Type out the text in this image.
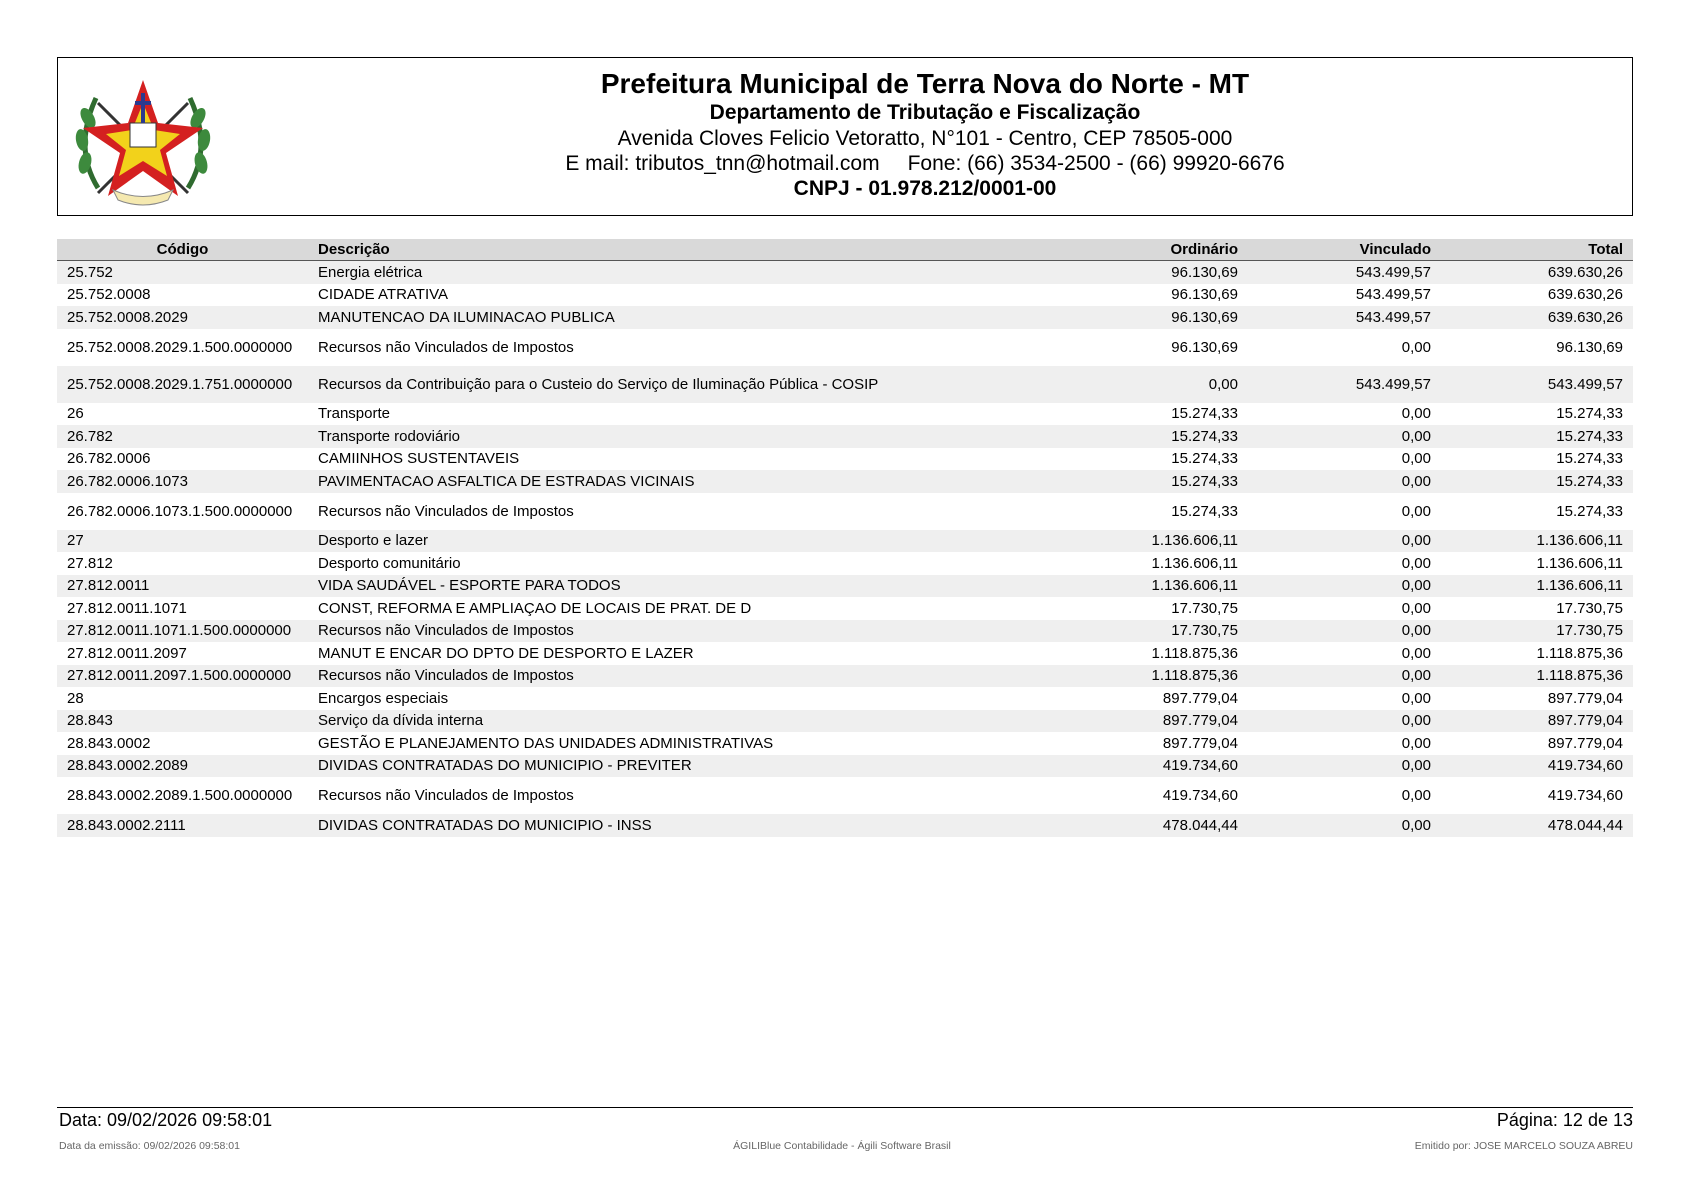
Prefeitura Municipal de Terra Nova do Norte - MT
Departamento de Tributação e Fiscalização
Avenida Cloves Felicio Vetoratto, N°101 - Centro, CEP 78505-000
E mail: tributos_tnn@hotmail.com Fone: (66) 3534-2500 - (66) 99920-6676
CNPJ - 01.978.212/0001-00
Código	Descrição	Ordinário	Vinculado	Total
25.752	Energia elétrica	96.130,69	543.499,57	639.630,26
25.752.0008	CIDADE ATRATIVA	96.130,69	543.499,57	639.630,26
25.752.0008.2029	MANUTENCAO DA ILUMINACAO PUBLICA	96.130,69	543.499,57	639.630,26
25.752.0008.2029.1.500.0000000	Recursos não Vinculados de Impostos	96.130,69	0,00	96.130,69
25.752.0008.2029.1.751.0000000	Recursos da Contribuição para o Custeio do Serviço de Iluminação Pública - COSIP	0,00	543.499,57	543.499,57
26	Transporte	15.274,33	0,00	15.274,33
26.782	Transporte rodoviário	15.274,33	0,00	15.274,33
26.782.0006	CAMIINHOS SUSTENTAVEIS	15.274,33	0,00	15.274,33
26.782.0006.1073	PAVIMENTACAO ASFALTICA DE ESTRADAS VICINAIS	15.274,33	0,00	15.274,33
26.782.0006.1073.1.500.0000000	Recursos não Vinculados de Impostos	15.274,33	0,00	15.274,33
27	Desporto e lazer	1.136.606,11	0,00	1.136.606,11
27.812	Desporto comunitário	1.136.606,11	0,00	1.136.606,11
27.812.0011	VIDA SAUDÁVEL - ESPORTE PARA TODOS	1.136.606,11	0,00	1.136.606,11
27.812.0011.1071	CONST, REFORMA E AMPLIAÇAO DE LOCAIS DE PRAT. DE D	17.730,75	0,00	17.730,75
27.812.0011.1071.1.500.0000000	Recursos não Vinculados de Impostos	17.730,75	0,00	17.730,75
27.812.0011.2097	MANUT E ENCAR DO DPTO DE DESPORTO E LAZER	1.118.875,36	0,00	1.118.875,36
27.812.0011.2097.1.500.0000000	Recursos não Vinculados de Impostos	1.118.875,36	0,00	1.118.875,36
28	Encargos especiais	897.779,04	0,00	897.779,04
28.843	Serviço da dívida interna	897.779,04	0,00	897.779,04
28.843.0002	GESTÃO E PLANEJAMENTO DAS UNIDADES ADMINISTRATIVAS	897.779,04	0,00	897.779,04
28.843.0002.2089	DIVIDAS CONTRATADAS DO MUNICIPIO - PREVITER	419.734,60	0,00	419.734,60
28.843.0002.2089.1.500.0000000	Recursos não Vinculados de Impostos	419.734,60	0,00	419.734,60
28.843.0002.2111	DIVIDAS CONTRATADAS DO MUNICIPIO - INSS	478.044,44	0,00	478.044,44
Data: 09/02/2026 09:58:01	Página: 12 de 13
Data da emissão: 09/02/2026 09:58:01	ÁGILIBlue Contabilidade - Ágili Software Brasil	Emitido por: JOSE MARCELO SOUZA ABREU
